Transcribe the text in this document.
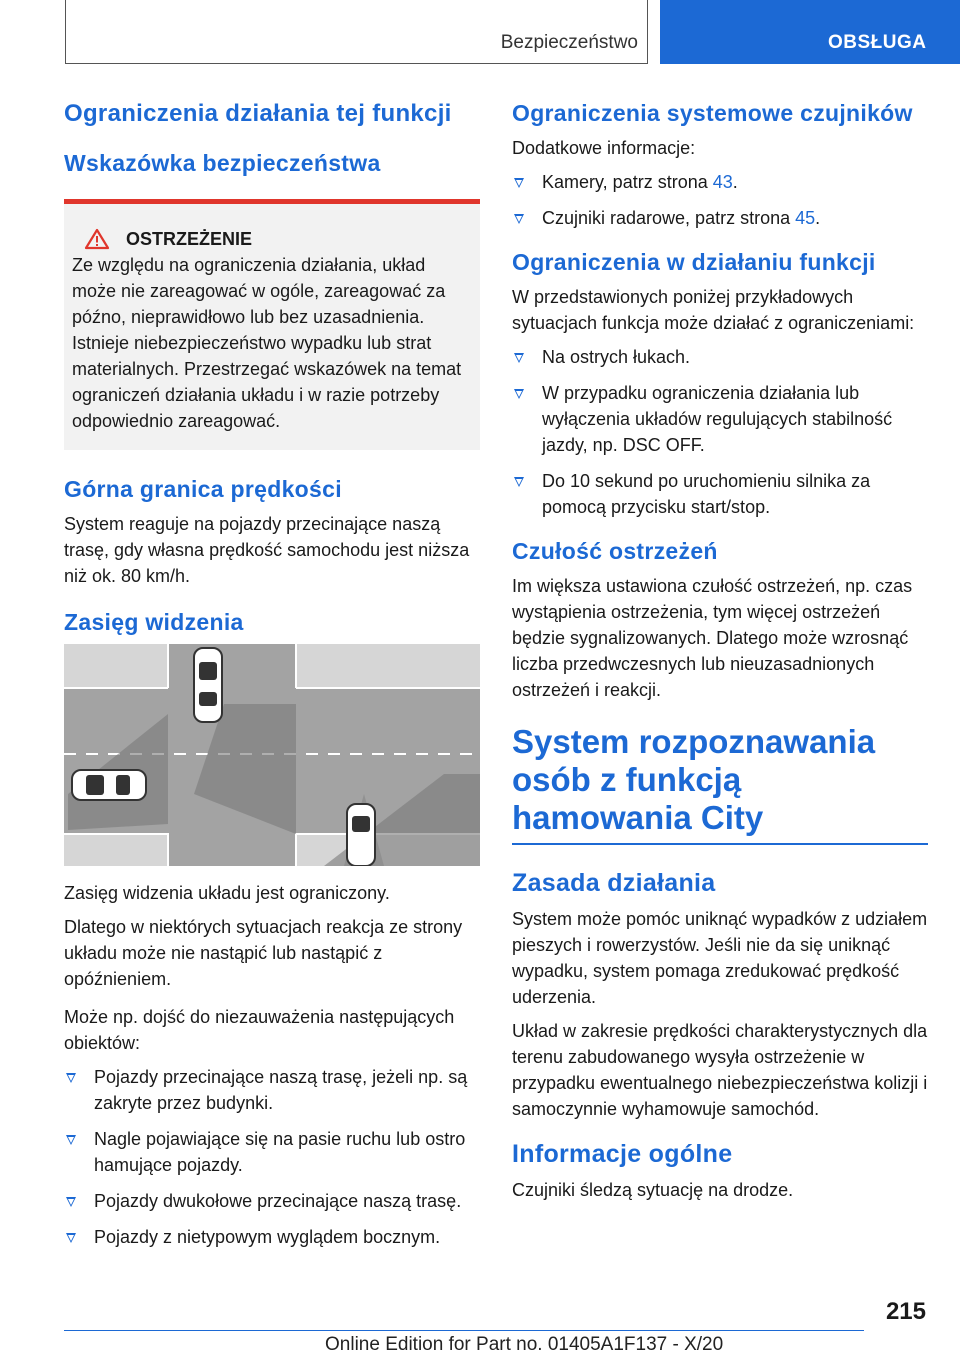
Bezpieczeństwo	OBSŁUGA
Ograniczenia działania tej funkcji
Wskazówka bezpieczeństwa
OSTRZEŻENIE

Ze względu na ograniczenia działania, układ może nie zareagować w ogóle, zareagować za późno, nieprawidłowo lub bez uzasadnienia. Istnieje niebezpieczeństwo wypadku lub strat materialnych. Przestrzegać wskazówek na temat ograniczeń działania układu i w razie potrzeby odpowiednio zareagować.

Górna granica prędkości

System reaguje na pojazdy przecinające naszą trasę, gdy własna prędkość samochodu jest niższa niż ok. 80 km/h.

Zasięg widzenia

Zasięg widzenia układu jest ograniczony.

Dlatego w niektórych sytuacjach reakcja ze strony układu może nie nastąpić lub nastąpić z opóźnieniem.

Może np. dojść do niezauważenia następujących obiektów:

Pojazdy przecinające naszą trasę, jeżeli np. są zakryte przez budynki.
Nagle pojawiające się na pasie ruchu lub ostro hamujące pojazdy.
Pojazdy dwukołowe przecinające naszą trasę.
Pojazdy z nietypowym wyglądem bocznym.
Ograniczenia systemowe czujników

Dodatkowe informacje:

Kamery, patrz strona 43.
Czujniki radarowe, patrz strona 45.
Ograniczenia w działaniu funkcji

W przedstawionych poniżej przykładowych sytuacjach funkcja może działać z ograniczeniami:

Na ostrych łukach.
W przypadku ograniczenia działania lub wyłączenia układów regulujących stabilność jazdy, np. DSC OFF.
Do 10 sekund po uruchomieniu silnika za pomocą przycisku start/stop.
Czułość ostrzeżeń

Im większa ustawiona czułość ostrzeżeń, np. czas wystąpienia ostrzeżenia, tym więcej ostrzeżeń będzie sygnalizowanych. Dlatego może wzrosnąć liczba przedwczesnych lub nieuzasadnionych ostrzeżeń i reakcji.

System rozpoznawania osób z funkcją hamowania City
Zasada działania

System może pomóc uniknąć wypadków z udziałem pieszych i rowerzystów. Jeśli nie da się uniknąć wypadku, system pomaga zredukować prędkość uderzenia.

Układ w zakresie prędkości charakterystycznych dla terenu zabudowanego wysyła ostrzeżenie w przypadku ewentualnego niebezpieczeństwa kolizji i samoczynnie wyhamowuje samochód.

Informacje ogólne

Czujniki śledzą sytuację na drodze.

215
Online Edition for Part no. 01405A1F137 - X/20
